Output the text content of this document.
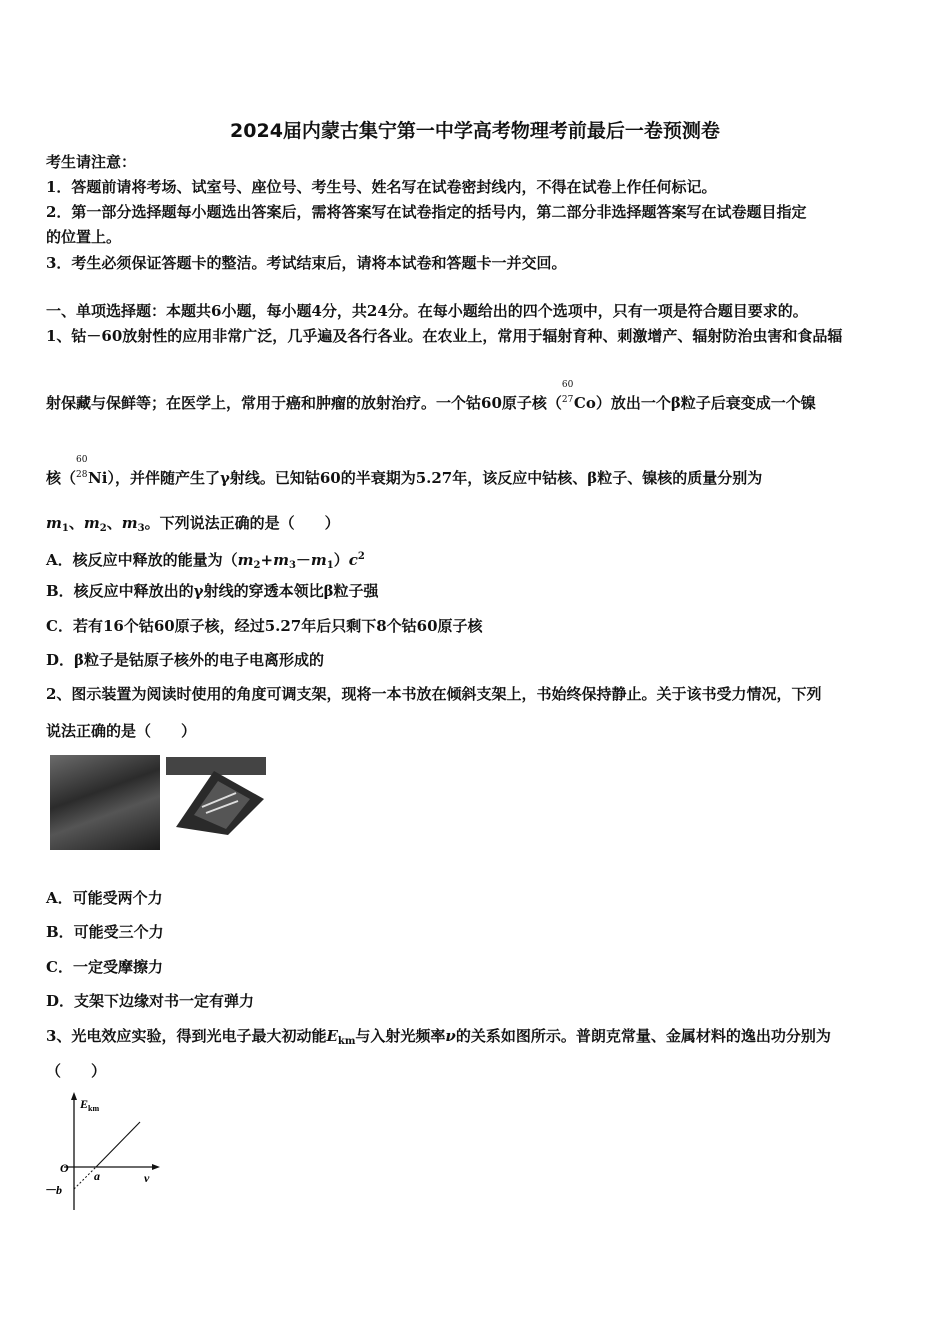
2024届内蒙古集宁第一中学高考物理考前最后一卷预测卷
考生请注意：
1．答题前请将考场、试室号、座位号、考生号、姓名写在试卷密封线内，不得在试卷上作任何标记。
2．第一部分选择题每小题选出答案后，需将答案写在试卷指定的括号内，第二部分非选择题答案写在试卷题目指定
的位置上。
3．考生必须保证答题卡的整洁。考试结束后，请将本试卷和答题卡一并交回。
一、单项选择题：本题共6小题，每小题4分，共24分。在每小题给出的四个选项中，只有一项是符合题目要求的。
1、钴－60放射性的应用非常广泛，几乎遍及各行各业。在农业上，常用于辐射育种、刺激增产、辐射防治虫害和食品辐
射保藏与保鲜等；在医学上，常用于癌和肿瘤的放射治疗。一个钴60原子核（
60
27 Co）放出一个β粒子后衰变成一个镍
核（
60
28 Ni），并伴随产生了γ射线。已知钴60的半衰期为5.27年，该反应中钴核、β粒子、镍核的质量分别为
$m_1$、$m_2$、$m_3$。下列说法正确的是（　　）
A．核反应中释放的能量为$(m_2+m_3-m_1)c^2$
B．核反应中释放出的γ射线的穿透本领比β粒子强
C．若有16个钴60原子核，经过5.27年后只剩下8个钴60原子核
D．β粒子是钴原子核外的电子电离形成的
2、图示装置为阅读时使用的角度可调支架，现将一本书放在倾斜支架上，书始终保持静止。关于该书受力情况，下列
说法正确的是（　　）
A．可能受两个力
B．可能受三个力
C．一定受摩擦力
D．支架下边缘对书一定有弹力
3、光电效应实验，得到光电子最大初动能$E_{km}$与入射光频率ν的关系如图所示。普朗克常量、金属材料的逸出功分别为
（　　）
E km
O
ν
a
－b
